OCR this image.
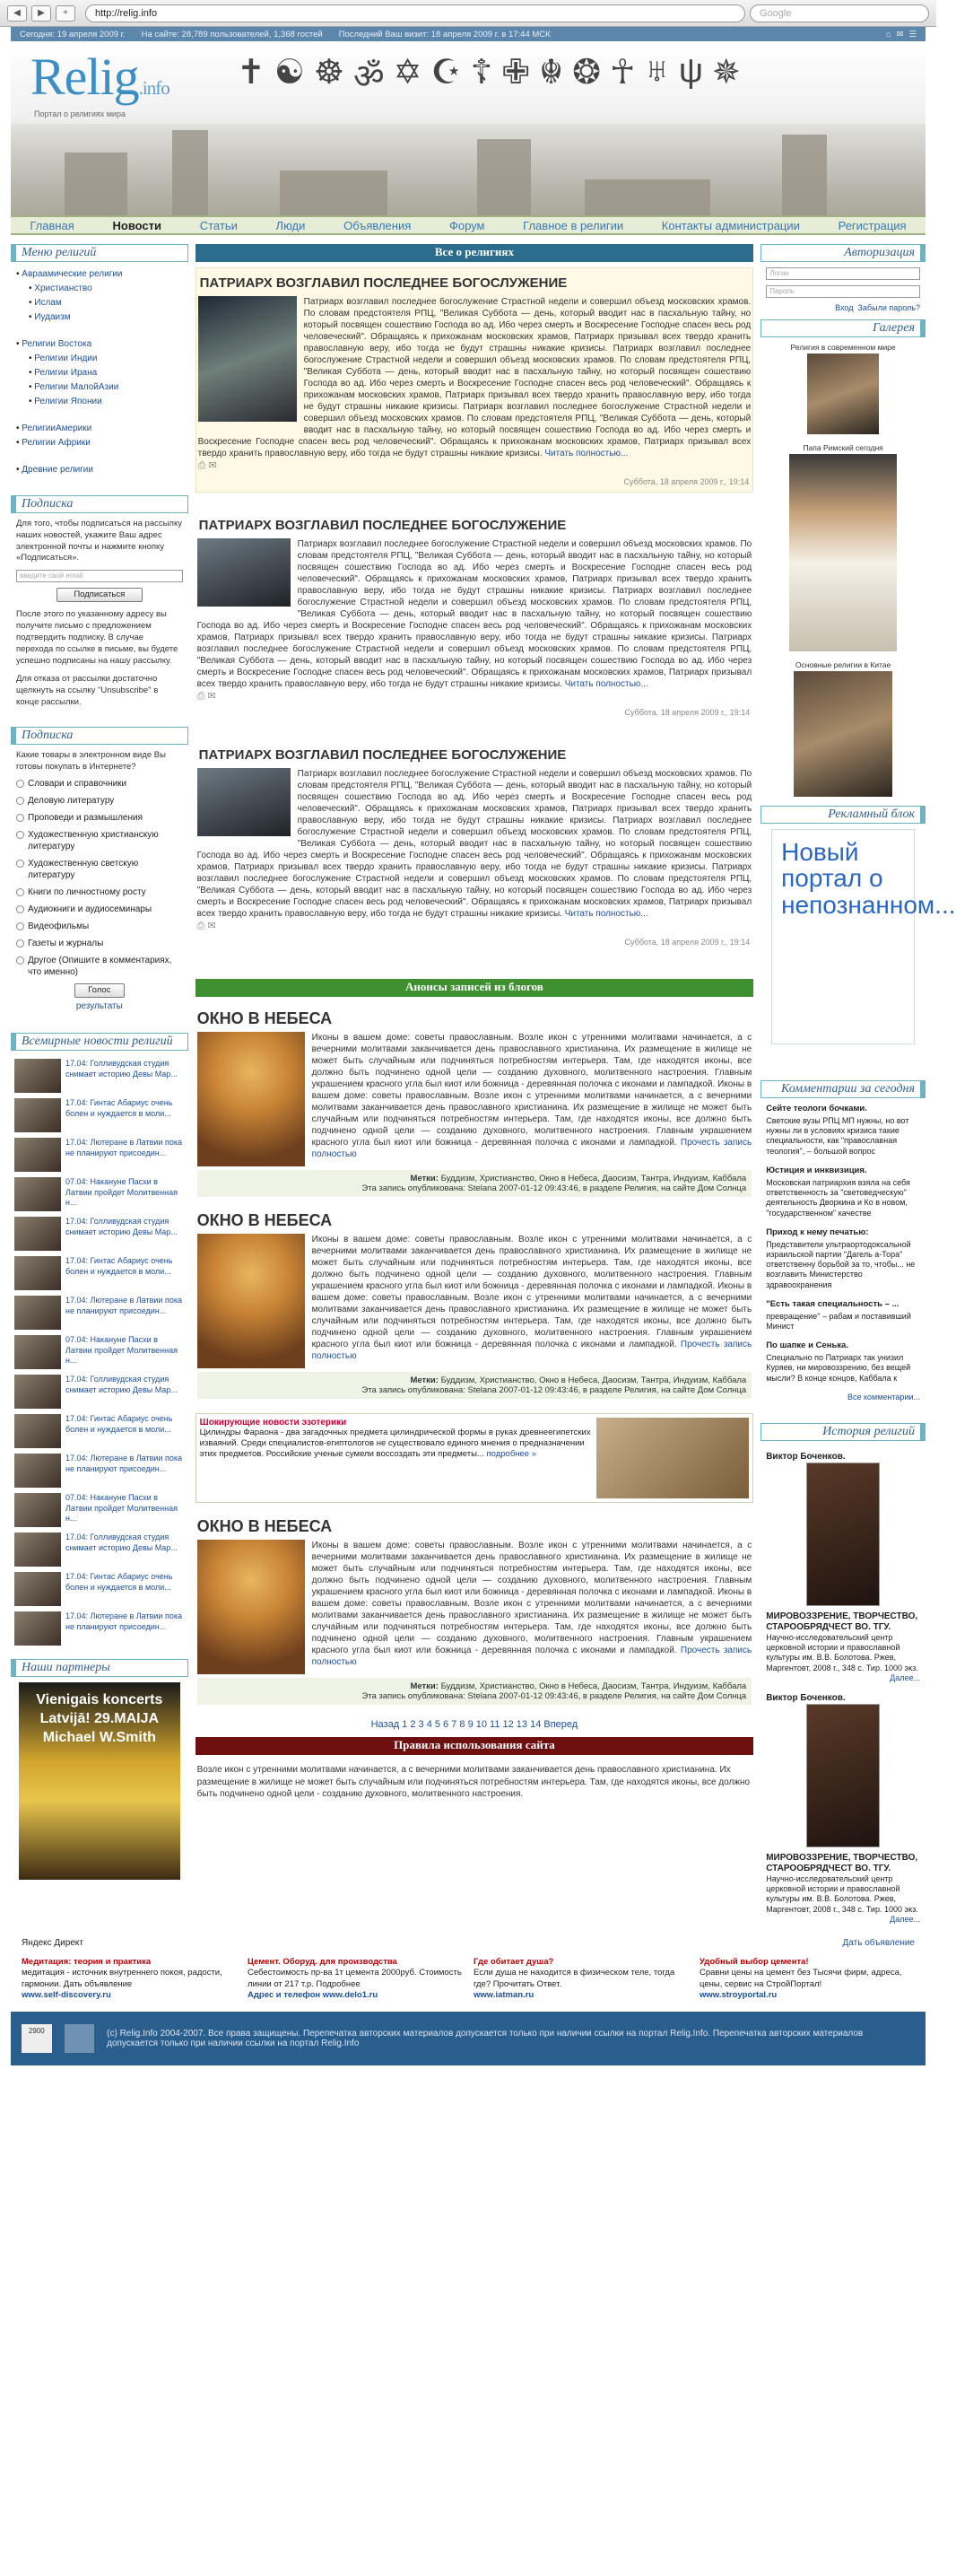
◀	▶	+	http://relig.info	Google
Сегодня: 19 апреля 2009 г. На сайте: 28,789 пользователей, 1,368 гостей Последний Ваш визит: 18 апреля 2009 г. в 17:44 МСК	⌂ ✉ ☰
Relig.info
Портал о религиях мира
✝ ☯ ☸ ॐ ✡ ☪ ☦ ✙ ☬ ❂ ☥ ♅ ψ ✵
Главная	Новости	Статьи	Люди	Объявления	Форум	Главное в религии	Контакты администрации	Регистрация
Меню религий
• Авраамические религии
• Христианство
• Ислам
• Иудаизм
• Религии Востока
• Религии Индии
• Религии Ирана
• Религии МалойАзии
• Религии Японии
• РелигииАмерики
• Религии Африки
• Древние религии
Подписка

Для того, чтобы подписаться на рассылку наших новостей, укажите Ваш адрес электронной почты и нажмите кнопку «Подписаться».

введите свой email
Подписаться

После этого по указанному адресу вы получите письмо с предложением подтвердить подписку. В случае перехода по ссылке в письме, вы будете успешно подписаны на нашу рассылку.

Для отказа от рассылки достаточно щелкнуть на ссылку "Unsubscribe" в конце рассылки.

Подписка

Какие товары в электронном виде Вы готовы покупать в Интернете?

Словари и справочники
Деловую литературу
Проповеди и размышления
Художественную христианскую литературу
Художественную светскую литературу
Книги по личностному росту
Аудиокниги и аудиосеминары
Видеофильмы
Газеты и журналы
Другое (Опишите в комментариях, что именно)
Голос
результаты
Всемирные новости религий
17.04: Голливудская студия снимает историю Девы Мар...
17.04: Гинтас Абариус очень болен и нуждается в моли...
17.04: Лютеране в Латвии пока не планируют присоедин...
07.04: Накануне Пасхи в Латвии пройдет Молитвенная н...
17.04: Голливудская студия снимает историю Девы Мар...
17.04: Гинтас Абариус очень болен и нуждается в моли...
17.04: Лютеране в Латвии пока не планируют присоедин...
07.04: Накануне Пасхи в Латвии пройдет Молитвенная н...
17.04: Голливудская студия снимает историю Девы Мар...
17.04: Гинтас Абариус очень болен и нуждается в моли...
17.04: Лютеране в Латвии пока не планируют присоедин...
07.04: Накануне Пасхи в Латвии пройдет Молитвенная н...
17.04: Голливудская студия снимает историю Девы Мар...
17.04: Гинтас Абариус очень болен и нуждается в моли...
17.04: Лютеране в Латвии пока не планируют присоедин...
Наши партнеры
Vienigais koncerts Latvijā! 29.MAIJA Michael W.Smith
Все о религиях
ПАТРИАРХ ВОЗГЛАВИЛ ПОСЛЕДНЕЕ БОГОСЛУЖЕНИЕ
Патриарх возглавил последнее богослужение Страстной недели и совершил объезд московских храмов. По словам предстоятеля РПЦ, "Великая Суббота — день, который вводит нас в пасхальную тайну, но который посвящен сошествию Господа во ад. Ибо через смерть и Воскресение Господне спасен весь род человеческий". Обращаясь к прихожанам московских храмов, Патриарх призывал всех твердо хранить православную веру, ибо тогда не будут страшны никакие кризисы. Патриарх возглавил последнее богослужение Страстной недели и совершил объезд московских храмов. По словам предстоятеля РПЦ, "Великая Суббота — день, который вводит нас в пасхальную тайну, но который посвящен сошествию Господа во ад. Ибо через смерть и Воскресение Господне спасен весь род человеческий". Обращаясь к прихожанам московских храмов, Патриарх призывал всех твердо хранить православную веру, ибо тогда не будут страшны никакие кризисы. Патриарх возглавил последнее богослужение Страстной недели и совершил объезд московских храмов. По словам предстоятеля РПЦ, "Великая Суббота — день, который вводит нас в пасхальную тайну, но который посвящен сошествию Господа во ад. Ибо через смерть и Воскресение Господне спасен весь род человеческий". Обращаясь к прихожанам московских храмов, Патриарх призывал всех твердо хранить православную веру, ибо тогда не будут страшны никакие кризисы. Читать полностью...
⎙ ✉
Суббота, 18 апреля 2009 г., 19:14
ПАТРИАРХ ВОЗГЛАВИЛ ПОСЛЕДНЕЕ БОГОСЛУЖЕНИЕ
Патриарх возглавил последнее богослужение Страстной недели и совершил объезд московских храмов. По словам предстоятеля РПЦ, "Великая Суббота — день, который вводит нас в пасхальную тайну, но который посвящен сошествию Господа во ад. Ибо через смерть и Воскресение Господне спасен весь род человеческий". Обращаясь к прихожанам московских храмов, Патриарх призывал всех твердо хранить православную веру, ибо тогда не будут страшны никакие кризисы. Патриарх возглавил последнее богослужение Страстной недели и совершил объезд московских храмов. По словам предстоятеля РПЦ, "Великая Суббота — день, который вводит нас в пасхальную тайну, но который посвящен сошествию Господа во ад. Ибо через смерть и Воскресение Господне спасен весь род человеческий". Обращаясь к прихожанам московских храмов, Патриарх призывал всех твердо хранить православную веру, ибо тогда не будут страшны никакие кризисы. Патриарх возглавил последнее богослужение Страстной недели и совершил объезд московских храмов. По словам предстоятеля РПЦ, "Великая Суббота — день, который вводит нас в пасхальную тайну, но который посвящен сошествию Господа во ад. Ибо через смерть и Воскресение Господне спасен весь род человеческий". Обращаясь к прихожанам московских храмов, Патриарх призывал всех твердо хранить православную веру, ибо тогда не будут страшны никакие кризисы. Читать полностью...
⎙ ✉
Суббота, 18 апреля 2009 г., 19:14
ПАТРИАРХ ВОЗГЛАВИЛ ПОСЛЕДНЕЕ БОГОСЛУЖЕНИЕ
Патриарх возглавил последнее богослужение Страстной недели и совершил объезд московских храмов. По словам предстоятеля РПЦ, "Великая Суббота — день, который вводит нас в пасхальную тайну, но который посвящен сошествию Господа во ад. Ибо через смерть и Воскресение Господне спасен весь род человеческий". Обращаясь к прихожанам московских храмов, Патриарх призывал всех твердо хранить православную веру, ибо тогда не будут страшны никакие кризисы. Патриарх возглавил последнее богослужение Страстной недели и совершил объезд московских храмов. По словам предстоятеля РПЦ, "Великая Суббота — день, который вводит нас в пасхальную тайну, но который посвящен сошествию Господа во ад. Ибо через смерть и Воскресение Господне спасен весь род человеческий". Обращаясь к прихожанам московских храмов, Патриарх призывал всех твердо хранить православную веру, ибо тогда не будут страшны никакие кризисы. Патриарх возглавил последнее богослужение Страстной недели и совершил объезд московских храмов. По словам предстоятеля РПЦ, "Великая Суббота — день, который вводит нас в пасхальную тайну, но который посвящен сошествию Господа во ад. Ибо через смерть и Воскресение Господне спасен весь род человеческий". Обращаясь к прихожанам московских храмов, Патриарх призывал всех твердо хранить православную веру, ибо тогда не будут страшны никакие кризисы. Читать полностью...
⎙ ✉
Суббота, 18 апреля 2009 г., 19:14
Анонсы записей из блогов
ОКНО В НЕБЕСА
Иконы в вашем доме: советы православным. Возле икон с утренними молитвами начинается, а с вечерними молитвами заканчивается день православного христианина. Их размещение в жилище не может быть случайным или подчиняться потребностям интерьера. Там, где находятся иконы, все должно быть подчинено одной цели — созданию духовного, молитвенного настроения. Главным украшением красного угла был киот или божница - деревянная полочка с иконами и лампадкой. Иконы в вашем доме: советы православным. Возле икон с утренними молитвами начинается, а с вечерними молитвами заканчивается день православного христианина. Их размещение в жилище не может быть случайным или подчиняться потребностям интерьера. Там, где находятся иконы, все должно быть подчинено одной цели — созданию духовного, молитвенного настроения. Главным украшением красного угла был киот или божница - деревянная полочка с иконами и лампадкой. Прочесть запись полностью
Метки: Буддизм, Христианство, Окно в Небеса, Даосизм, Тантра, Индуизм, Каббала
Эта запись опубликована: Stelana 2007-01-12 09:43:46, в разделе Религия, на сайте Дом Солнца
ОКНО В НЕБЕСА
Иконы в вашем доме: советы православным. Возле икон с утренними молитвами начинается, а с вечерними молитвами заканчивается день православного христианина. Их размещение в жилище не может быть случайным или подчиняться потребностям интерьера. Там, где находятся иконы, все должно быть подчинено одной цели — созданию духовного, молитвенного настроения. Главным украшением красного угла был киот или божница - деревянная полочка с иконами и лампадкой. Иконы в вашем доме: советы православным. Возле икон с утренними молитвами начинается, а с вечерними молитвами заканчивается день православного христианина. Их размещение в жилище не может быть случайным или подчиняться потребностям интерьера. Там, где находятся иконы, все должно быть подчинено одной цели — созданию духовного, молитвенного настроения. Главным украшением красного угла был киот или божница - деревянная полочка с иконами и лампадкой. Прочесть запись полностью
Метки: Буддизм, Христианство, Окно в Небеса, Даосизм, Тантра, Индуизм, Каббала
Эта запись опубликована: Stelana 2007-01-12 09:43:46, в разделе Религия, на сайте Дом Солнца
Шокирующие новости эзотерики
Цилиндры Фараона - два загадочных предмета цилиндрической формы в руках древнеегипетских изваяний. Среди специалистов-египтологов не существовало единого мнения о предназначении этих предметов. Российские ученые сумели воссоздать эти предметы... подробнее »
ОКНО В НЕБЕСА
Иконы в вашем доме: советы православным. Возле икон с утренними молитвами начинается, а с вечерними молитвами заканчивается день православного христианина. Их размещение в жилище не может быть случайным или подчиняться потребностям интерьера. Там, где находятся иконы, все должно быть подчинено одной цели — созданию духовного, молитвенного настроения. Главным украшением красного угла был киот или божница - деревянная полочка с иконами и лампадкой. Иконы в вашем доме: советы православным. Возле икон с утренними молитвами начинается, а с вечерними молитвами заканчивается день православного христианина. Их размещение в жилище не может быть случайным или подчиняться потребностям интерьера. Там, где находятся иконы, все должно быть подчинено одной цели — созданию духовного, молитвенного настроения. Главным украшением красного угла был киот или божница - деревянная полочка с иконами и лампадкой. Прочесть запись полностью
Метки: Буддизм, Христианство, Окно в Небеса, Даосизм, Тантра, Индуизм, Каббала
Эта запись опубликована: Stelana 2007-01-12 09:43:46, в разделе Религия, на сайте Дом Солнца
Назад 1 2 3 4 5 6 7 8 9 10 11 12 13 14 Вперед
Правила использования сайта

Возле икон с утренними молитвами начинается, а с вечерними молитвами заканчивается день православного христианина. Их размещение в жилище не может быть случайным или подчиняться потребностям интерьера. Там, где находятся иконы, все должно быть подчинено одной цели - созданию духовного, молитвенного настроения.

Авторизация
Логин
Пароль
Вход Забыли пароль?
Галерея
Религия в современном мире
Папа Римский сегодня
Основные религии в Китае
Рекламный блок
Новый портал о непознанном...
Комментарии за сегодня
Сейте теологи бочками.
Светские вузы РПЦ МП нужны, но вот нужны ли в условиях кризиса такие специальности, как "православная теология", – большой вопрос
Юстиция и инквизиция.
Московская патриархия взяла на себя ответственность за "световедческую" деятельность Дворкина и Ко в новом, "государственном" качестве
Приход к нему печатью:
Представители ультраортодоксальной израильской партии "Дагель а-Тора" ответственну борьбой за то, чтобы... не возглавить Министерство здравоохранения
"Есть такая специальность – ...
превращение" – рабам и поставивший Минист
По шапке и Сенька.
Специально по Патриарх так унизил Куряев, ни мировоззрению, без вещей мысли? В конце концов, Каббала к
Все комментарии...
История религий
Виктор Боченков.
МИРОВОЗЗРЕНИЕ, ТВОРЧЕСТВО, СТАРООБРЯДЧЕСТ ВО. ТГУ.
Научно-исследовательский центр церковной истории и православной культуры им. В.В. Болотова. Ржев, Маргентовт, 2008 г., 348 с. Тир. 1000 экз.
Далее...
Виктор Боченков.
МИРОВОЗЗРЕНИЕ, ТВОРЧЕСТВО, СТАРООБРЯДЧЕСТ ВО. ТГУ.
Научно-исследовательский центр церковной истории и православной культуры им. В.В. Болотова. Ржев, Маргентовт, 2008 г., 348 с. Тир. 1000 экз.
Далее...
Яндекс Директ	Дать объявление
Медитация: теория и практика
медитация - источник внутреннего покоя, радости, гармонии. Дать объявление
www.self-discovery.ru
Цемент. Оборуд. для производства
Себестоимость пр-ва 1т цемента 2000руб. Стоимость линии от 217 т.р. Подробнее
Адрес и телефон www.delo1.ru
Где обитает душа?
Если душа не находится в физическом теле, тогда где? Прочитать Ответ.
www.iatman.ru
Удобный выбор цемента!
Сравни цены на цемент без Тысячи фирм, адреса, цены, сервис на СтройПортал!
www.stroyportal.ru
2900	(с) Relig.Info 2004-2007. Все права защищены. Перепечатка авторских материалов допускается только при наличии ссылки на портал Relig.Info. Перепечатка авторских материалов допускается только при наличии ссылки на портал Relig.Info
